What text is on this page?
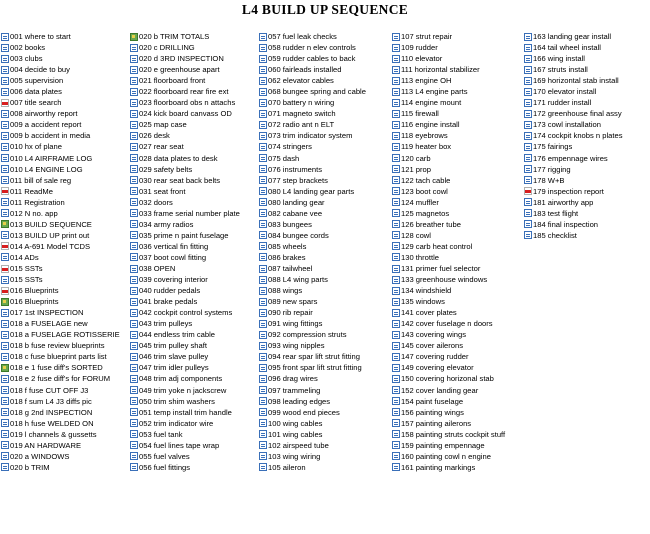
L4 BUILD UP SEQUENCE
001 where to start
002 books
003 clubs
004 decide to buy
005 supervision
006 data plates
007 title search
008 airworthy report
009 a accident report
009 b accident in media
010 hx of plane
010 L4 AIRFRAME LOG
010 L4 ENGINE LOG
011 bill of sale reg
011 ReadMe
011 Registration
012 N no. app
013 BUILD SEQUENCE
013 BUILD UP print out
014 A-691 Model TCDS
014 ADs
015 SSTs
015 SSTs
016 Blueprints
016 Blueprints
017 1st INSPECTION
018 a FUSELAGE new
018 a FUSELAGE ROTISSERIE
018 b fuse review blueprints
018 c fuse blueprint parts list
018 e 1 fuse diff's SORTED
018 e 2 fuse diff's for FORUM
018 f fuse CUT OFF J3
018 f sum L4 J3 diffs pic
018 g 2nd INSPECTION
018 h fuse WELDED ON
019 l channels & gussetts
019 AN HARDWARE
020 a WINDOWS
020 b TRIM
020 b TRIM TOTALS
020 c DRILLING
020 d 3RD INSPECTION
020 e greenhouse apart
021 floorboard front
022 floorboard rear fire ext
023 floorboard obs n attachs
024 kick board canvass OD
025 map case
026 desk
027 rear seat
028 data plates to desk
029 safety belts
030 rear seat back belts
031 seat front
032 doors
033 frame serial number plate
034 army radios
035 prime n paint fuselage
036 vertical fin fitting
037 boot cowl fitting
038 OPEN
039 covering interior
040 rudder pedals
041 brake pedals
042 cockpit control systems
043 trim pulleys
044 endless trim cable
045 trim pulley shaft
046 trim slave pulley
047 trim idler pulleys
048 trim adj components
049 trim yoke n jackscrew
050 trim shim washers
051 temp install trim handle
052 trim indicator wire
053 fuel tank
054 fuel lines tape wrap
055 fuel valves
056 fuel fittings
057 fuel leak checks
058 rudder n elev controls
059 rudder cables to back
060 fairleads installed
062 elevator cables
068 bungee spring and cable
070 battery n wiring
071 magneto switch
072 radio ant n ELT
073 trim indicator system
074 stringers
075 dash
076 instruments
077 step brackets
080 L4 landing gear parts
080 landing gear
082 cabane vee
083 bungees
084 bungee cords
085 wheels
086 brakes
087 tailwheel
088 L4 wing parts
088 wings
089 new spars
090 rib repair
091 wing fittings
092 compression struts
093 wing nipples
094 rear spar lift strut fitting
095 front spar lift strut fitting
096 drag wires
097 trammeling
098 leading edges
099 wood end pieces
100 wing cables
101 wing cables
102 airspeed tube
103 wing wiring
105 aileron
107 strut repair
109 rudder
110 elevator
111 horizontal stabilizer
113 engine OH
113 L4 engine parts
114 engine mount
115 firewall
116 engine install
118 eyebrows
119 heater box
120 carb
121 prop
122 tach cable
123 boot cowl
124 muffler
125 magnetos
126 breather tube
128 cowl
129 carb heat control
130 throttle
131 primer fuel selector
133 greenhouse windows
134 windshield
135 windows
141 cover plates
142 cover fuselage n doors
143 covering wings
145 cover ailerons
147 covering rudder
149 covering elevator
150 covering horizonal stab
152 cover landing gear
154 paint fuselage
156 painting wings
157 painting ailerons
158 painting struts cockpit stuff
159 painting empennage
160 painting cowl n engine
161 painting markings
163 landing gear install
164 tail wheel install
166 wing install
167 struts install
169 horizontal stab install
170 elevator install
171 rudder install
172 greenhouse final assy
173 cowl installation
174 cockpit knobs n plates
175 fairings
176 empennage wires
177 rigging
178 W+B
179 inspection report
181 airworthy app
183 test flight
184 final inspection
185 checklist
